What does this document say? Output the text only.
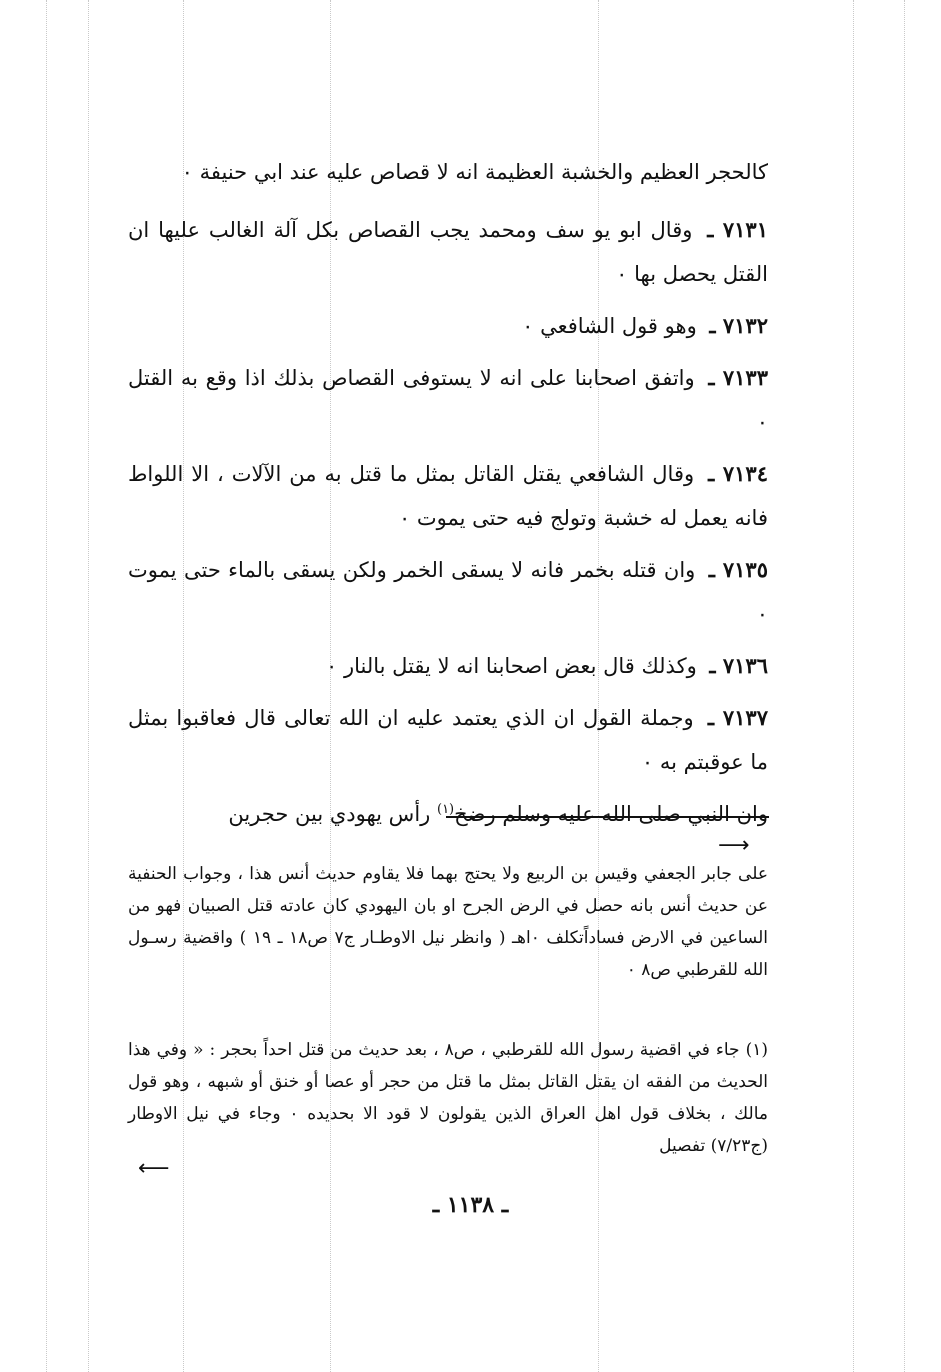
كالحجر العظيم والخشبة العظيمة انه لا قصاص عليه عند ابي حنيفة ٠

٧١٣١ ـ وقال ابو يو سف ومحمد يجب القصاص بكل آلة الغالب عليها ان القتل يحصل بها ٠

٧١٣٢ ـ وهو قول الشافعي ٠

٧١٣٣ ـ واتفق اصحابنا على انه لا يستوفى القصاص بذلك اذا وقع به القتل ٠

٧١٣٤ ـ وقال الشافعي يقتل القاتل بمثل ما قتل به من الآلات ، الا اللواط فانه يعمل له خشبة وتولج فيه حتى يموت ٠

٧١٣٥ ـ وان قتله بخمر فانه لا يسقى الخمر ولكن يسقى بالماء حتى يموت ٠

٧١٣٦ ـ وكذلك قال بعض اصحابنا انه لا يقتل بالنار ٠

٧١٣٧ ـ وجملة القول ان الذي يعتمد عليه ان الله تعالى قال فعاقبوا بمثل ما عوقبتم به ٠

وان النبي صلى الله عليه وسلم رضخ$^{(١)}$ رأس يهودي بين حجرين

⟶
على جابر الجعفي وقيس بن الربيع ولا يحتج بهما فلا يقاوم حديث أنس هذا ، وجواب الحنفية عن حديث أنس بانه حصل في الرض الجرح او بان اليهودي كان عادته قتل الصبيان فهو من الساعين في الارض فساداًتكلف ٠اهـ ( وانظر نيل الاوطـار ج٧ ص١٨ ـ ١٩ ) واقضية رسـول الله للقرطبي ص٨ ٠
(١) جاء في اقضية رسول الله للقرطبي ، ص٨ ، بعد حديث من قتل احداً بحجر : « وفي هذا الحديث من الفقه ان يقتل القاتل بمثل ما قتل من حجر أو عصا أو خنق أو شبهه ، وهو قول مالك ، بخلاف قول اهل العراق الذين يقولون لا قود الا بحديده ٠ وجاء في نيل الاوطار (ج٧/٢٣) تفصيل
⟵
ـ ١١٣٨ ـ
